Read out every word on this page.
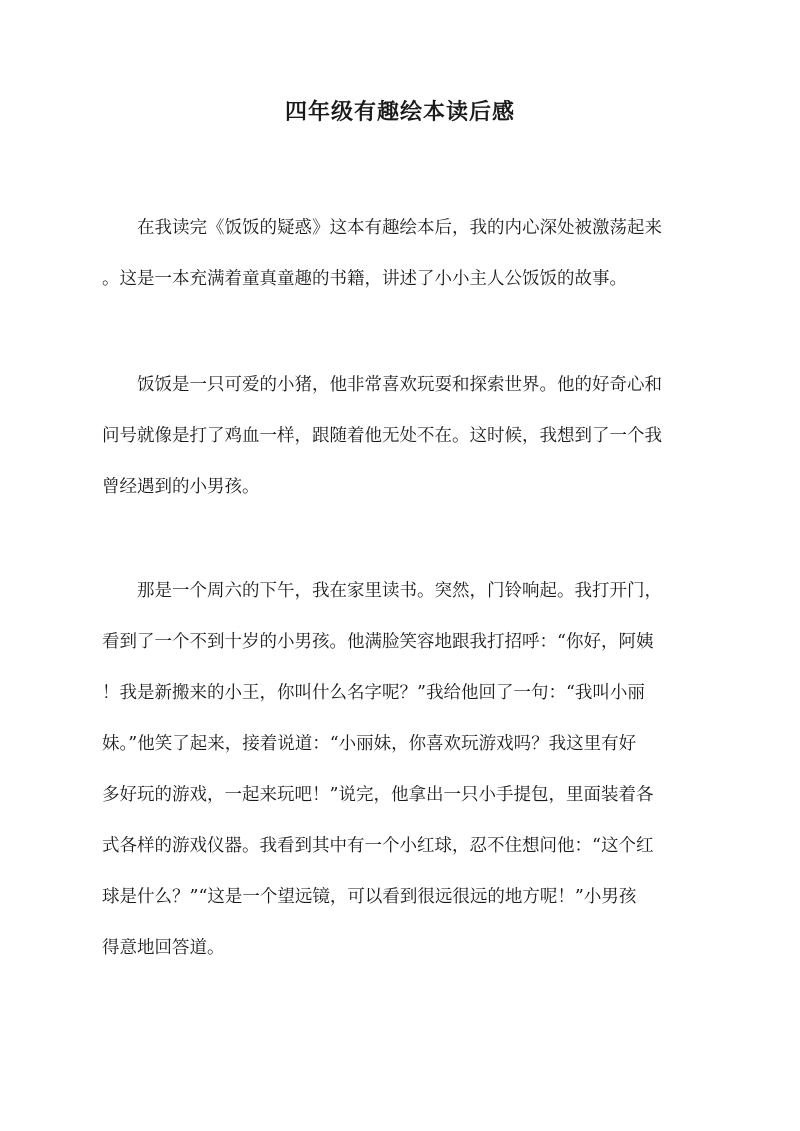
四年级有趣绘本读后感
在我读完《饭饭的疑惑》这本有趣绘本后，我的内心深处被激荡起来
。这是一本充满着童真童趣的书籍，讲述了小小主人公饭饭的故事。
饭饭是一只可爱的小猪，他非常喜欢玩耍和探索世界。他的好奇心和
问号就像是打了鸡血一样，跟随着他无处不在。这时候，我想到了一个我
曾经遇到的小男孩。
那是一个周六的下午，我在家里读书。突然，门铃响起。我打开门，
看到了一个不到十岁的小男孩。他满脸笑容地跟我打招呼：“你好，阿姨
！我是新搬来的小王，你叫什么名字呢？”我给他回了一句：“我叫小丽
妹。”他笑了起来，接着说道：“小丽妹，你喜欢玩游戏吗？我这里有好
多好玩的游戏，一起来玩吧！”说完，他拿出一只小手提包，里面装着各
式各样的游戏仪器。我看到其中有一个小红球，忍不住想问他：“这个红
球是什么？”“这是一个望远镜，可以看到很远很远的地方呢！”小男孩
得意地回答道。
